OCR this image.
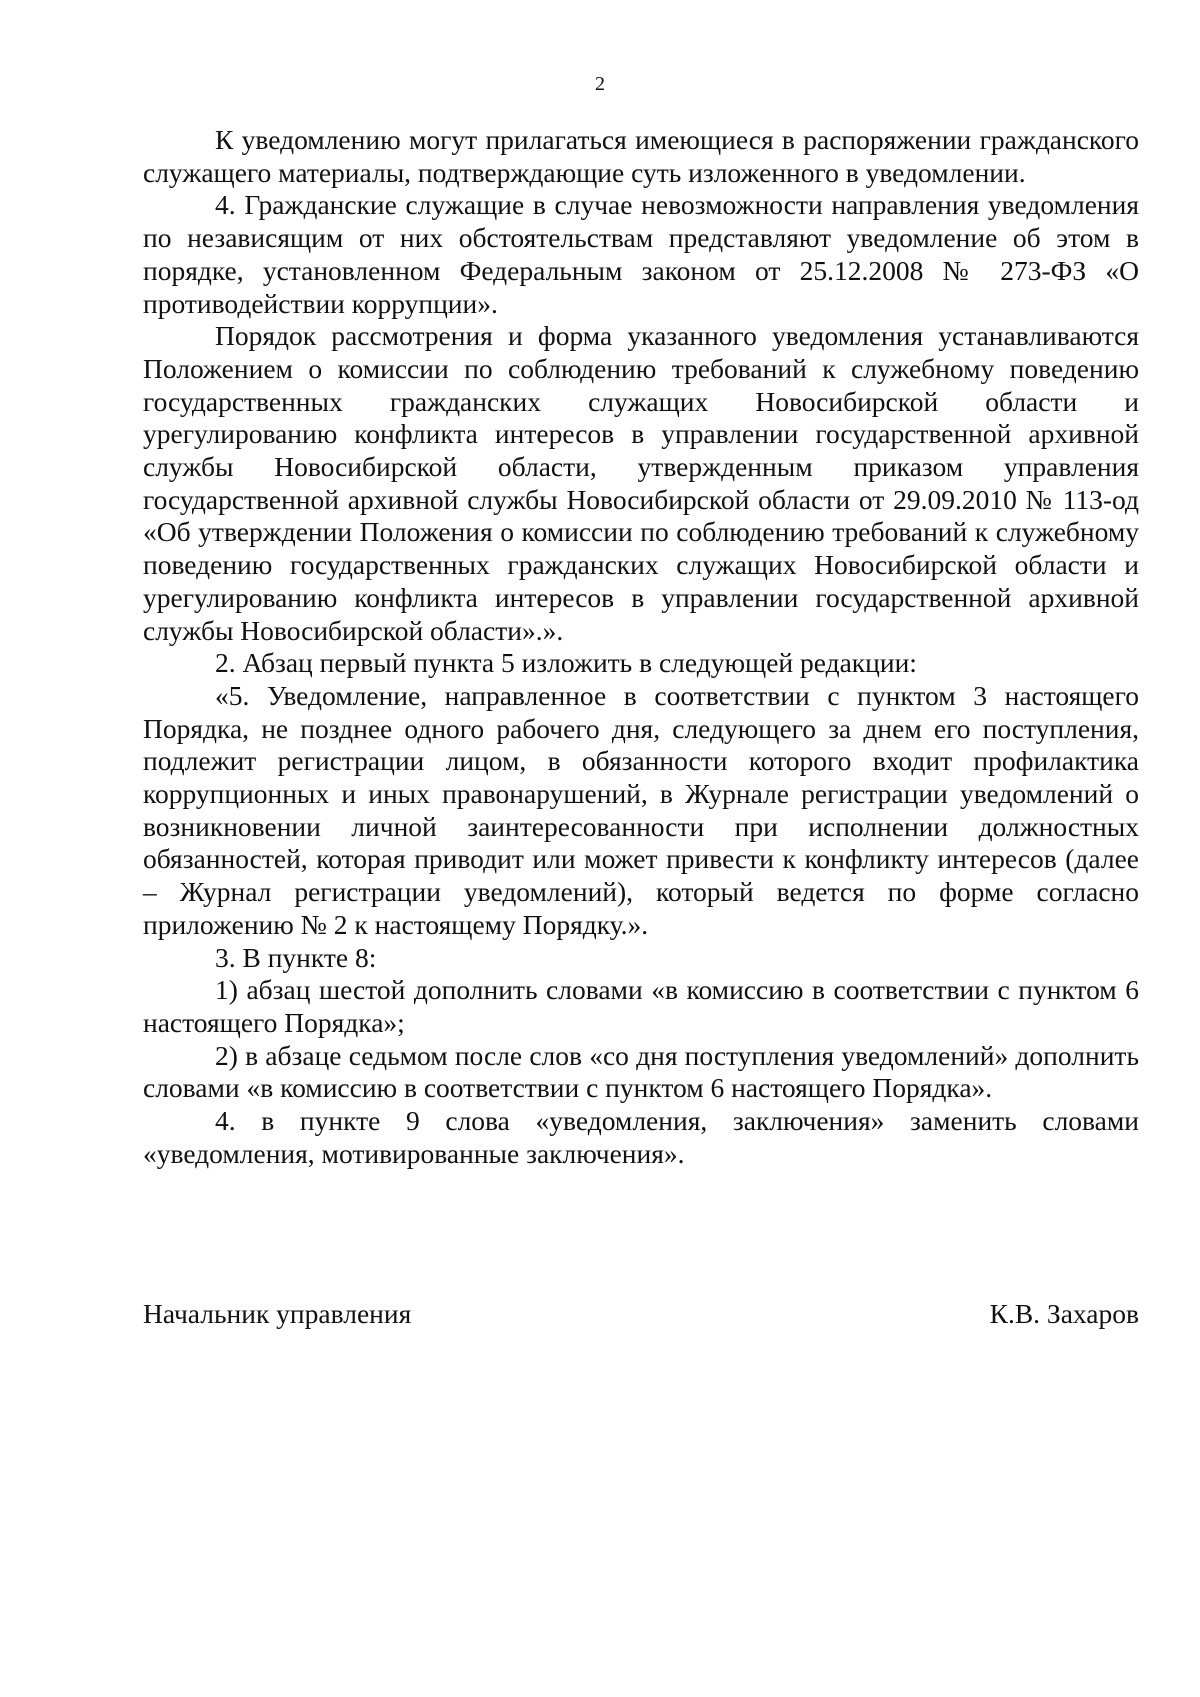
2

К уведомлению могут прилагаться имеющиеся в распоряжении гражданского служащего материалы, подтверждающие суть изложенного в уведомлении.

4. Гражданские служащие в случае невозможности направления уведомления по независящим от них обстоятельствам представляют уведомление об этом в порядке, установленном Федеральным законом от 25.12.2008 № 273-ФЗ «О противодействии коррупции».

Порядок рассмотрения и форма указанного уведомления устанавливаются Положением о комиссии по соблюдению требований к служебному поведению государственных гражданских служащих Новосибирской области и урегулированию конфликта интересов в управлении государственной архивной службы Новосибирской области, утвержденным приказом управления государственной архивной службы Новосибирской области от 29.09.2010 № 113-од «Об утверждении Положения о комиссии по соблюдению требований к служебному поведению государственных гражданских служащих Новосибирской области и урегулированию конфликта интересов в управлении государственной архивной службы Новосибирской области».».

2. Абзац первый пункта 5 изложить в следующей редакции:

«5. Уведомление, направленное в соответствии с пунктом 3 настоящего Порядка, не позднее одного рабочего дня, следующего за днем его поступления, подлежит регистрации лицом, в обязанности которого входит профилактика коррупционных и иных правонарушений, в Журнале регистрации уведомлений о возникновении личной заинтересованности при исполнении должностных обязанностей, которая приводит или может привести к конфликту интересов (далее – Журнал регистрации уведомлений), который ведется по форме согласно приложению № 2 к настоящему Порядку.».

3. В пункте 8:

1) абзац шестой дополнить словами «в комиссию в соответствии с пунктом 6 настоящего Порядка»;

2) в абзаце седьмом после слов «со дня поступления уведомлений» дополнить словами «в комиссию в соответствии с пунктом 6 настоящего Порядка».

4. в пункте 9 слова «уведомления, заключения» заменить словами «уведомления, мотивированные заключения».

Начальник управления	К.В. Захаров
